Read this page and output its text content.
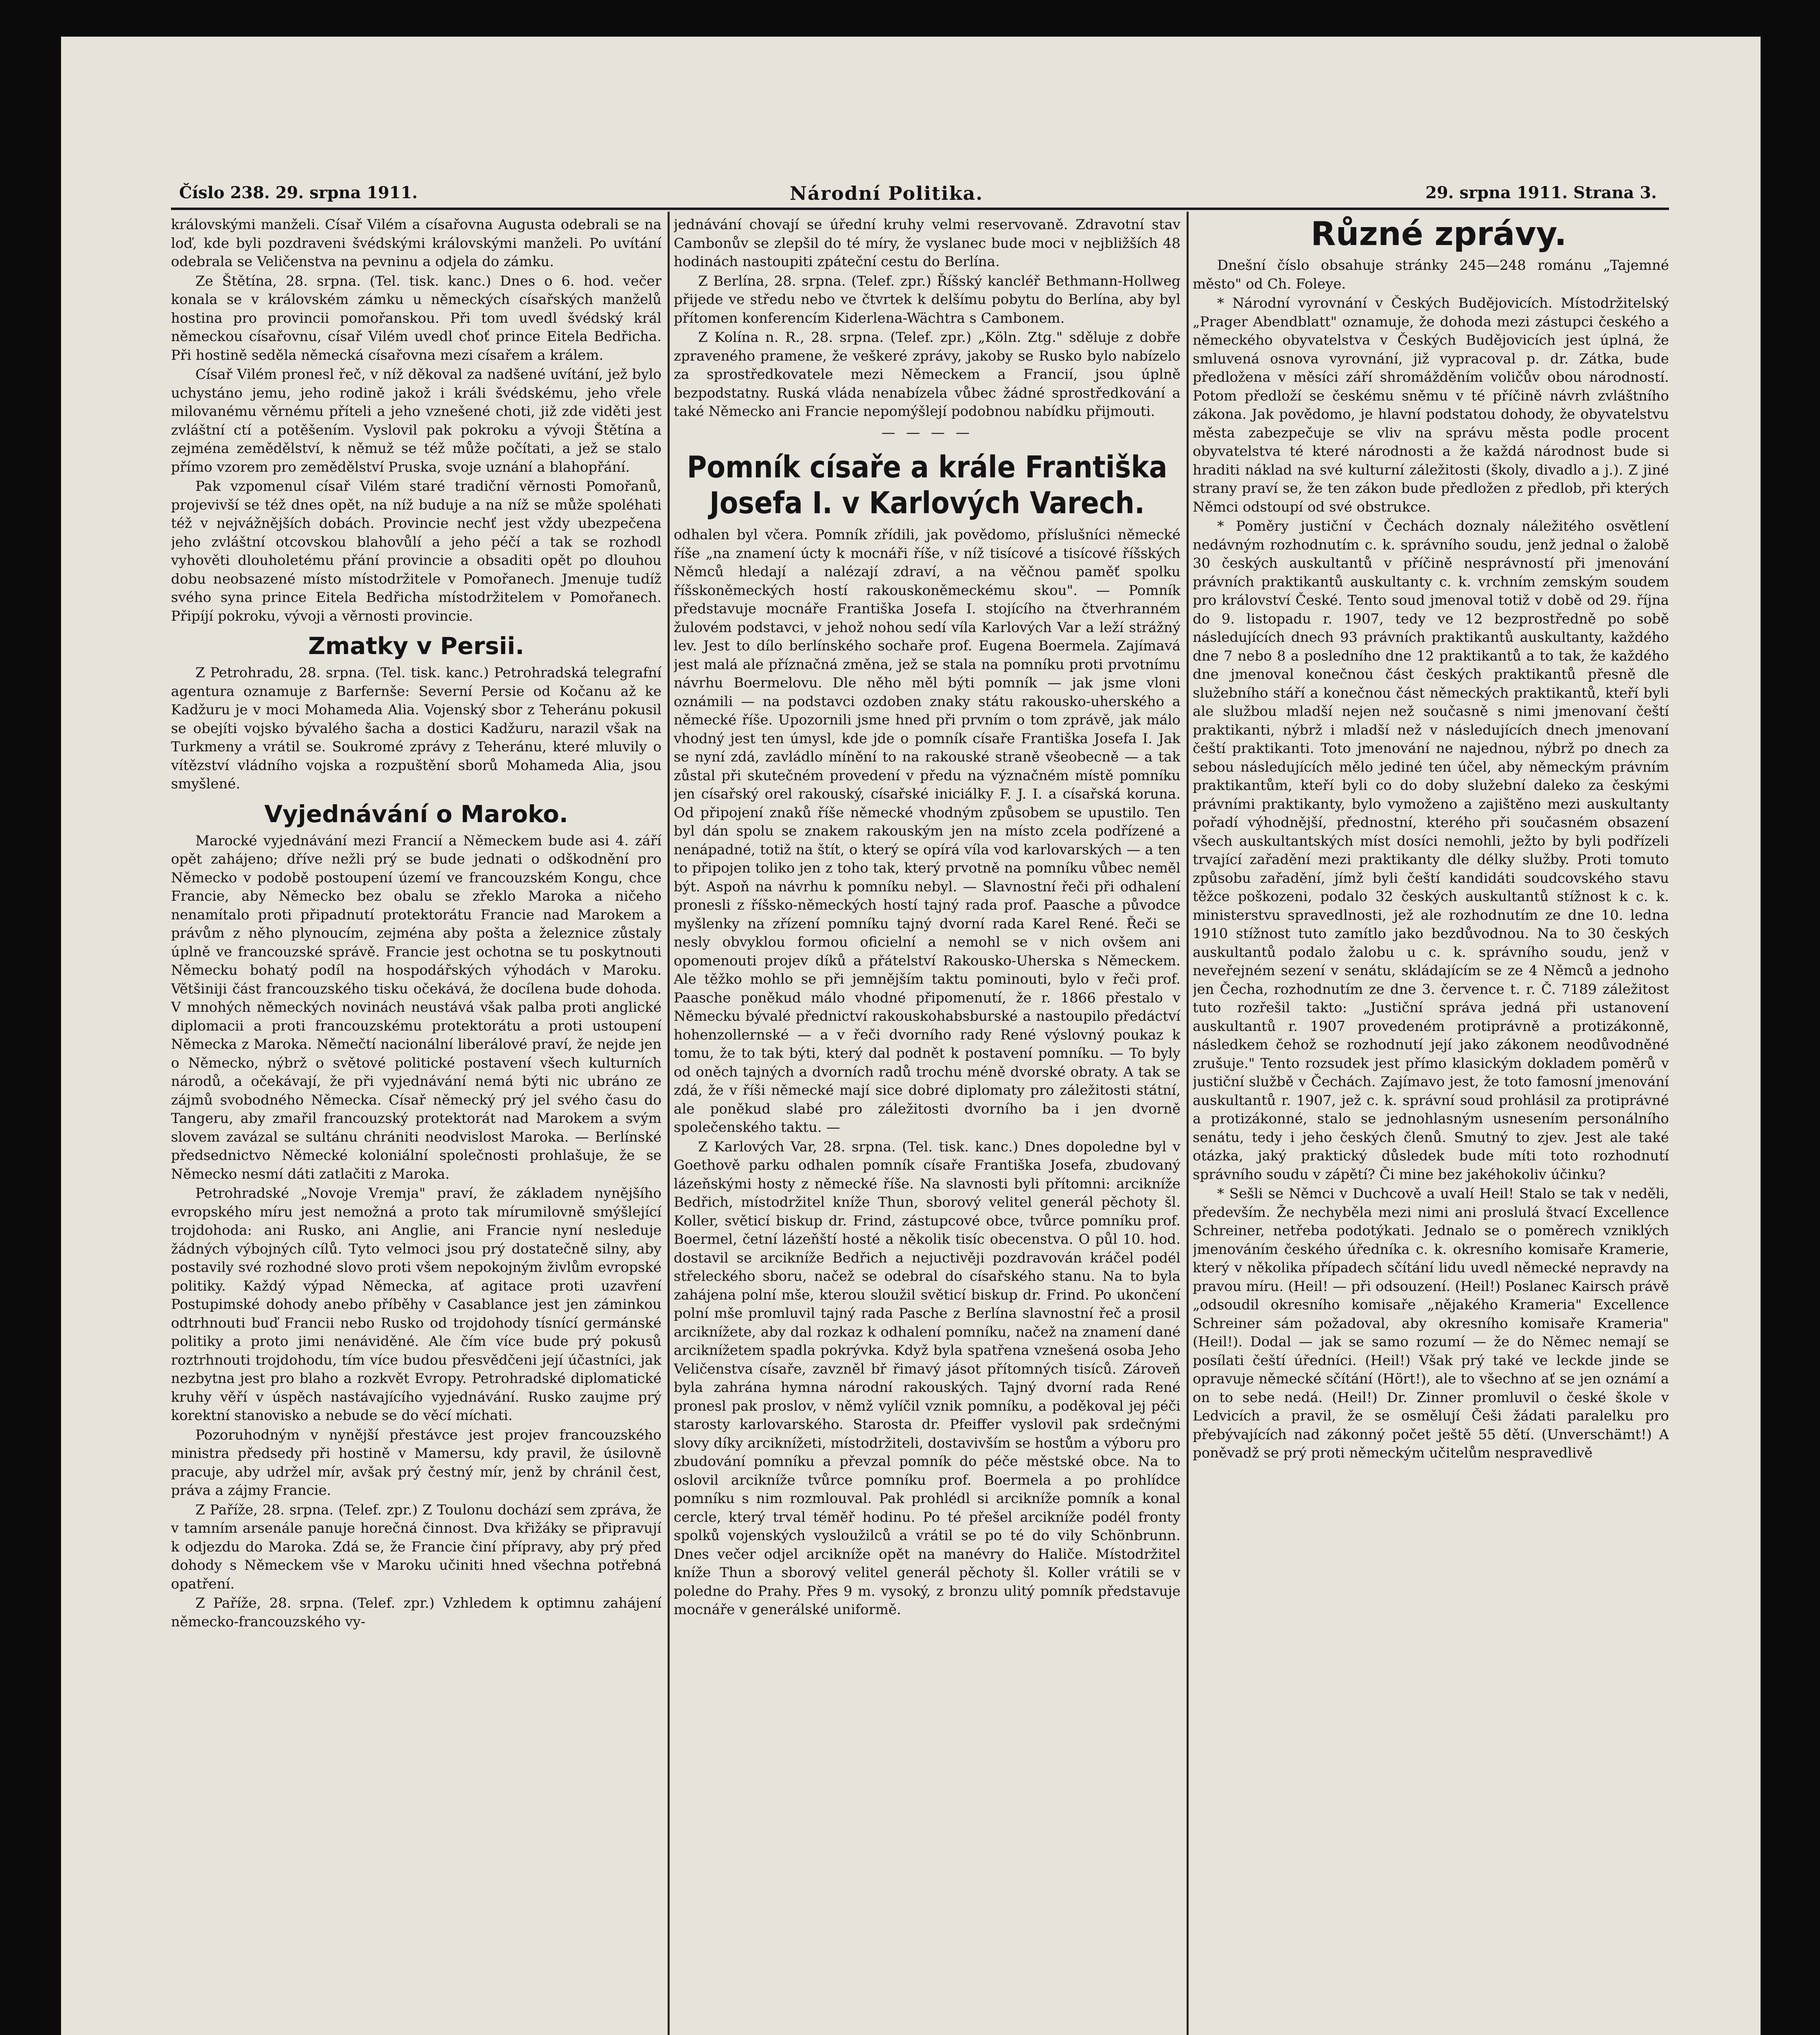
Číslo 238. 29. srpna 1911.	Národní Politika.	29. srpna 1911. Strana 3.

královskými manželi. Císař Vilém a císařovna Augusta odebrali se na loď, kde byli pozdraveni švédskými královskými manželi. Po uvítání odebrala se Veličenstva na pevninu a odjela do zámku.

Ze Štětína, 28. srpna. (Tel. tisk. kanc.) Dnes o 6. hod. večer konala se v královském zámku u německých císařských manželů hostina pro provincii pomořanskou. Při tom uvedl švédský král německou císařovnu, císař Vilém uvedl choť prince Eitela Bedřicha. Při hostině seděla německá císařovna mezi císařem a králem.

Císař Vilém pronesl řeč, v níž děkoval za nadšené uvítání, jež bylo uchystáno jemu, jeho rodině jakož i králi švédskému, jeho vřele milovanému věrnému příteli a jeho vznešené choti, již zde viděti jest zvláštní ctí a potěšením. Vyslovil pak pokroku a vývoji Štětína a zejména zemědělství, k němuž se též může počítati, a jež se stalo přímo vzorem pro zemědělství Pruska, svoje uznání a blahopřání.

Pak vzpomenul císař Vilém staré tradiční věrnosti Pomořanů, projevivší se též dnes opět, na níž buduje a na níž se může spoléhati též v nejvážnějších dobách. Provincie nechť jest vždy ubezpečena jeho zvláštní otcovskou blahovůlí a jeho péčí a tak se rozhodl vyhověti dlouholetému přání provincie a obsaditi opět po dlouhou dobu neobsazené místo místodržitele v Pomořanech. Jmenuje tudíž svého syna prince Eitela Bedřicha místodržitelem v Pomořanech. Připíjí pokroku, vývoji a věrnosti provincie.

Zmatky v Persii.

Z Petrohradu, 28. srpna. (Tel. tisk. kanc.) Petrohradská telegrafní agentura oznamuje z Barfernše: Severní Persie od Kočanu až ke Kadžuru je v moci Mohameda Alia. Vojenský sbor z Teheránu pokusil se obejíti vojsko bývalého šacha a dostici Kadžuru, narazil však na Turkmeny a vrátil se. Soukromé zprávy z Teheránu, které mluvily o vítězství vládního vojska a rozpuštění sborů Mohameda Alia, jsou smyšlené.

Vyjednávání o Maroko.

Marocké vyjednávání mezi Francií a Německem bude asi 4. září opět zahájeno; dříve nežli prý se bude jednati o odškodnění pro Německo v podobě postoupení území ve francouzském Kongu, chce Francie, aby Německo bez obalu se zřeklo Maroka a ničeho nenamítalo proti připadnutí protektorátu Francie nad Marokem a právům z něho plynoucím, zejména aby pošta a železnice zůstaly úplně ve francouzské správě. Francie jest ochotna se tu poskytnouti Německu bohatý podíl na hospodářských výhodách v Maroku. Většiniji část francouzského tisku očekává, že docílena bude dohoda. V mnohých německých novinách neustává však palba proti anglické diplomacii a proti francouzskému protektorátu a proti ustoupení Německa z Maroka. Němečtí nacionální liberálové praví, že nejde jen o Německo, nýbrž o světové politické postavení všech kulturních národů, a očekávají, že při vyjednávání nemá býti nic ubráno ze zájmů svobodného Německa. Císař německý prý jel svého času do Tangeru, aby zmařil francouzský protektorát nad Marokem a svým slovem zavázal se sultánu chrániti neodvislost Maroka. — Berlínské předsednictvo Německé koloniální společnosti prohlašuje, že se Německo nesmí dáti zatlačiti z Maroka.

Petrohradské „Novoje Vremja" praví, že základem nynějšího evropského míru jest nemožná a proto tak mírumilovně smýšlející trojdohoda: ani Rusko, ani Anglie, ani Francie nyní nesleduje žádných výbojných cílů. Tyto velmoci jsou prý dostatečně silny, aby postavily své rozhodné slovo proti všem nepokojným živlům evropské politiky. Každý výpad Německa, ať agitace proti uzavření Postupimské dohody anebo příběhy v Casablance jest jen záminkou odtrhnouti buď Francii nebo Rusko od trojdohody tísnící germánské politiky a proto jimi nenáviděné. Ale čím více bude prý pokusů roztrhnouti trojdohodu, tím více budou přesvědčeni její účastníci, jak nezbytna jest pro blaho a rozkvět Evropy. Petrohradské diplomatické kruhy věří v úspěch nastávajícího vyjednávání. Rusko zaujme prý korektní stanovisko a nebude se do věcí míchati.

Pozoruhodným v nynější přestávce jest projev francouzského ministra předsedy při hostině v Mamersu, kdy pravil, že úsilovně pracuje, aby udržel mír, avšak prý čestný mír, jenž by chránil čest, práva a zájmy Francie.

Z Paříže, 28. srpna. (Telef. zpr.) Z Toulonu dochází sem zpráva, že v tamním arsenále panuje horečná činnost. Dva křižáky se připravují k odjezdu do Maroka. Zdá se, že Francie činí přípravy, aby prý před dohody s Německem vše v Maroku učiniti hned všechna potřebná opatření.

Z Paříže, 28. srpna. (Telef. zpr.) Vzhledem k optimnu zahájení německo-francouzského vy-

jednávání chovají se úřední kruhy velmi reservovaně. Zdravotní stav Cambonův se zlepšil do té míry, že vyslanec bude moci v nejbližších 48 hodinách nastoupiti zpáteční cestu do Berlína.

Z Berlína, 28. srpna. (Telef. zpr.) Říšský kancléř Bethmann-Hollweg přijede ve středu nebo ve čtvrtek k delšímu pobytu do Berlína, aby byl přítomen konferencím Kiderlena-Wächtra s Cambonem.

Z Kolína n. R., 28. srpna. (Telef. zpr.) „Köln. Ztg." sděluje z dobře zpraveného pramene, že veškeré zprávy, jakoby se Rusko bylo nabízelo za sprostředkovatele mezi Německem a Francií, jsou úplně bezpodstatny. Ruská vláda nenabízela vůbec žádné sprostředkování a také Německo ani Francie nepomýšlejí podobnou nabídku přijmouti.

— — — —
Pomník císaře a krále Františka Josefa I. v Karlových Varech.

odhalen byl včera. Pomník zřídili, jak povědomo, příslušníci německé říše „na znamení úcty k mocnáři říše, v níž tisícové a tisícové říšských Němců hledají a nalézají zdraví, a na věčnou paměť spolku říšskoněmeckých hostí rakouskoněmeckému skou". — Pomník představuje mocnáře Františka Josefa I. stojícího na čtverhranném žulovém podstavci, v jehož nohou sedí víla Karlových Var a leží strážný lev. Jest to dílo berlínského sochaře prof. Eugena Boermela. Zajímavá jest malá ale příznačná změna, jež se stala na pomníku proti prvotnímu návrhu Boermelovu. Dle něho měl býti pomník — jak jsme vloni oznámili — na podstavci ozdoben znaky státu rakousko-uherského a německé říše. Upozornili jsme hned při prvním o tom zprávě, jak málo vhodný jest ten úmysl, kde jde o pomník císaře Františka Josefa I. Jak se nyní zdá, zavládlo mínění to na rakouské straně všeobecně — a tak zůstal při skutečném provedení v předu na význačném místě pomníku jen císařský orel rakouský, císařské iniciálky F. J. I. a císařská koruna. Od připojení znaků říše německé vhodným způsobem se upustilo. Ten byl dán spolu se znakem rakouským jen na místo zcela podřízené a nenápadné, totiž na štít, o který se opírá víla vod karlovarských — a ten to připojen toliko jen z toho tak, který prvotně na pomníku vůbec neměl být. Aspoň na návrhu k pomníku nebyl. — Slavnostní řeči při odhalení pronesli z říšsko-německých hostí tajný rada prof. Paasche a původce myšlenky na zřízení pomníku tajný dvorní rada Karel René. Řeči se nesly obvyklou formou oficielní a nemohl se v nich ovšem ani opomenouti projev díků a přátelství Rakousko-Uherska s Německem. Ale těžko mohlo se při jemnějším taktu pominouti, bylo v řeči prof. Paasche poněkud málo vhodné připomenutí, že r. 1866 přestalo v Německu bývalé přednictví rakouskohabsburské a nastoupilo předáctví hohenzollernské — a v řeči dvorního rady René výslovný poukaz k tomu, že to tak býti, který dal podnět k postavení pomníku. — To byly od oněch tajných a dvorních radů trochu méně dvorské obraty. A tak se zdá, že v říši německé mají sice dobré diplomaty pro záležitosti státní, ale poněkud slabé pro záležitosti dvorního ba i jen dvorně společenského taktu. —

Z Karlových Var, 28. srpna. (Tel. tisk. kanc.) Dnes dopoledne byl v Goethově parku odhalen pomník císaře Františka Josefa, zbudovaný lázeňskými hosty z německé říše. Na slavnosti byli přítomni: arcikníže Bedřich, místodržitel kníže Thun, sborový velitel generál pěchoty šl. Koller, světicí biskup dr. Frind, zástupcové obce, tvůrce pomníku prof. Boermel, četní lázeňští hosté a několik tisíc obecenstva. O půl 10. hod. dostavil se arcikníže Bedřich a nejuctivěji pozdravován kráčel podél střeleckého sboru, načež se odebral do císařského stanu. Na to byla zahájena polní mše, kterou sloužil světicí biskup dr. Frind. Po ukončení polní mše promluvil tajný rada Pasche z Berlína slavnostní řeč a prosil arciknížete, aby dal rozkaz k odhalení pomníku, načež na znamení dané arciknížetem spadla pokrývka. Když byla spatřena vznešená osoba Jeho Veličenstva císaře, zavzněl bř řimavý jásot přítomných tisíců. Zároveň byla zahrána hymna národní rakouských. Tajný dvorní rada René pronesl pak proslov, v němž vylíčil vznik pomníku, a poděkoval jej péči starosty karlovarského. Starosta dr. Pfeiffer vyslovil pak srdečnými slovy díky arciknížeti, místodržiteli, dostavivším se hostům a výboru pro zbudování pomníku a převzal pomník do péče městské obce. Na to oslovil arcikníže tvůrce pomníku prof. Boermela a po prohlídce pomníku s nim rozmlouval. Pak prohlédl si arcikníže pomník a konal cercle, který trval téměř hodinu. Po té přešel arcikníže podél fronty spolků vojenských vysloužilců a vrátil se po té do vily Schönbrunn. Dnes večer odjel arcikníže opět na manévry do Haliče. Místodržitel kníže Thun a sborový velitel generál pěchoty šl. Koller vrátili se v poledne do Prahy. Přes 9 m. vysoký, z bronzu ulitý pomník představuje mocnáře v generálské uniformě.

Různé zprávy.

Dnešní číslo obsahuje stránky 245—248 románu „Tajemné město" od Ch. Foleye.

* Národní vyrovnání v Českých Budějovicích. Místodržitelský „Prager Abendblatt" oznamuje, že dohoda mezi zástupci českého a německého obyvatelstva v Českých Budějovicích jest úplná, že smluvená osnova vyrovnání, již vypracoval p. dr. Zátka, bude předložena v měsíci září shromážděním voličův obou národností. Potom předloží se českému sněmu v té příčině návrh zvláštního zákona. Jak povědomo, je hlavní podstatou dohody, že obyvatelstvu města zabezpečuje se vliv na správu města podle procent obyvatelstva té které národnosti a že každá národnost bude si hraditi náklad na své kulturní záležitosti (školy, divadlo a j.). Z jiné strany praví se, že ten zákon bude předložen z předlob, při kterých Němci odstoupí od své obstrukce.

* Poměry justiční v Čechách doznaly náležitého osvětlení nedávným rozhodnutím c. k. správního soudu, jenž jednal o žalobě 30 českých auskultantů v příčině nesprávností při jmenování právních praktikantů auskultanty c. k. vrchním zemským soudem pro království České. Tento soud jmenoval totiž v době od 29. října do 9. listopadu r. 1907, tedy ve 12 bezprostředně po sobě následujících dnech 93 právních praktikantů auskultanty, každého dne 7 nebo 8 a posledního dne 12 praktikantů a to tak, že každého dne jmenoval konečnou část českých praktikantů přesně dle služebního stáří a konečnou část německých praktikantů, kteří byli ale službou mladší nejen než současně s nimi jmenovaní čeští praktikanti, nýbrž i mladší než v následujících dnech jmenovaní čeští praktikanti. Toto jmenování ne najednou, nýbrž po dnech za sebou následujících mělo jediné ten účel, aby německým právním praktikantům, kteří byli co do doby služební daleko za českými právními praktikanty, bylo vymoženo a zajištěno mezi auskultanty pořadí výhodnější, přednostní, kterého při současném obsazení všech auskultantských míst dosíci nemohli, ježto by byli podřízeli trvající zařadění mezi praktikanty dle délky služby. Proti tomuto způsobu zařadění, jímž byli čeští kandidáti soudcovského stavu těžce poškozeni, podalo 32 českých auskultantů stížnost k c. k. ministerstvu spravedlnosti, jež ale rozhodnutím ze dne 10. ledna 1910 stížnost tuto zamítlo jako bezdůvodnou. Na to 30 českých auskultantů podalo žalobu u c. k. správního soudu, jenž v neveřejném sezení v senátu, skládajícím se ze 4 Němců a jednoho jen Čecha, rozhodnutím ze dne 3. července t. r. Č. 7189 záležitost tuto rozřešil takto: „Justiční správa jedná při ustanovení auskultantů r. 1907 provedeném protiprávně a protizákonně, následkem čehož se rozhodnutí její jako zákonem neodůvodněné zrušuje." Tento rozsudek jest přímo klasickým dokladem poměrů v justiční službě v Čechách. Zajímavo jest, že toto famosní jmenování auskultantů r. 1907, jež c. k. správní soud prohlásil za protiprávné a protizákonné, stalo se jednohlasným usnesením personálního senátu, tedy i jeho českých členů. Smutný to zjev. Jest ale také otázka, jaký praktický důsledek bude míti toto rozhodnutí správního soudu v zápětí? Či mine bez jakéhokoliv účinku?

* Sešli se Němci v Duchcově a uvalí Heil! Stalo se tak v neděli, především. Že nechyběla mezi nimi ani proslulá štvací Excellence Schreiner, netřeba podotýkati. Jednalo se o poměrech vzniklých jmenováním českého úředníka c. k. okresního komisaře Kramerie, který v několika případech sčítání lidu uvedl německé nepravdy na pravou míru. (Heil! — při odsouzení. (Heil!) Poslanec Kairsch právě „odsoudil okresního komisaře „nějakého Krameria" Excellence Schreiner sám požadoval, aby okresního komisaře Krameria" (Heil!). Dodal — jak se samo rozumí — že do Němec nemají se posílati čeští úředníci. (Heil!) Však prý také ve leckde jinde se opravuje německé sčítání (Hört!), ale to všechno ať se jen oznámí a on to sebe nedá. (Heil!) Dr. Zinner promluvil o české škole v Ledvicích a pravil, že se osmělují Češi žádati paralelku pro přebývajících nad zákonný počet ještě 55 dětí. (Unverschämt!) A poněvadž se prý proti německým učitelům nespravedlivě
